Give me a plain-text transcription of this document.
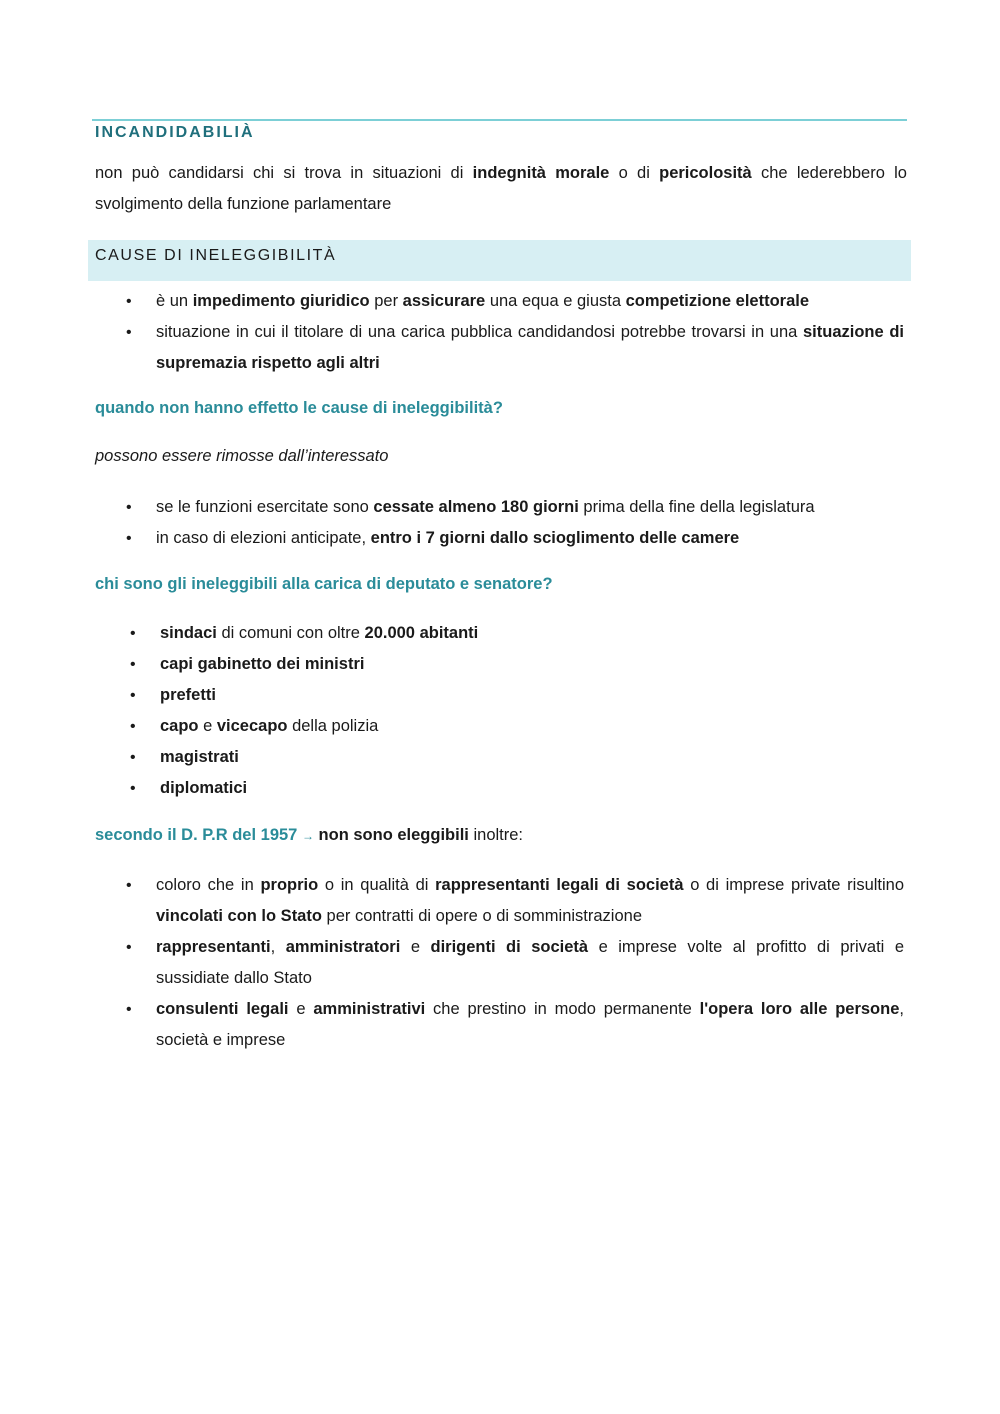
INCANDIDABILIÀ
non può candidarsi chi si trova in situazioni di indegnità morale o di pericolosità che lederebbero lo svolgimento della funzione parlamentare
CAUSE DI INELEGGIBILITÀ
• è un impedimento giuridico per assicurare una equa e giusta competizione elettorale
• situazione in cui il titolare di una carica pubblica candidandosi potrebbe trovarsi in una situazione di supremazia rispetto agli altri
quando non hanno effetto le cause di ineleggibilità?
possono essere rimosse dall’interessato
• se le funzioni esercitate sono cessate almeno 180 giorni prima della fine della legislatura
• in caso di elezioni anticipate, entro i 7 giorni dallo scioglimento delle camere
chi sono gli ineleggibili alla carica di deputato e senatore?
• sindaci di comuni con oltre 20.000 abitanti
• capi gabinetto dei ministri
• prefetti
• capo e vicecapo della polizia
• magistrati
• diplomatici
secondo il D. P.R del 1957 → non sono eleggibili inoltre:
• coloro che in proprio o in qualità di rappresentanti legali di società o di imprese private risultino vincolati con lo Stato per contratti di opere o di somministrazione
• rappresentanti, amministratori e dirigenti di società e imprese volte al profitto di privati e sussidiate dallo Stato
• consulenti legali e amministrativi che prestino in modo permanente l'opera loro alle persone, società e imprese
